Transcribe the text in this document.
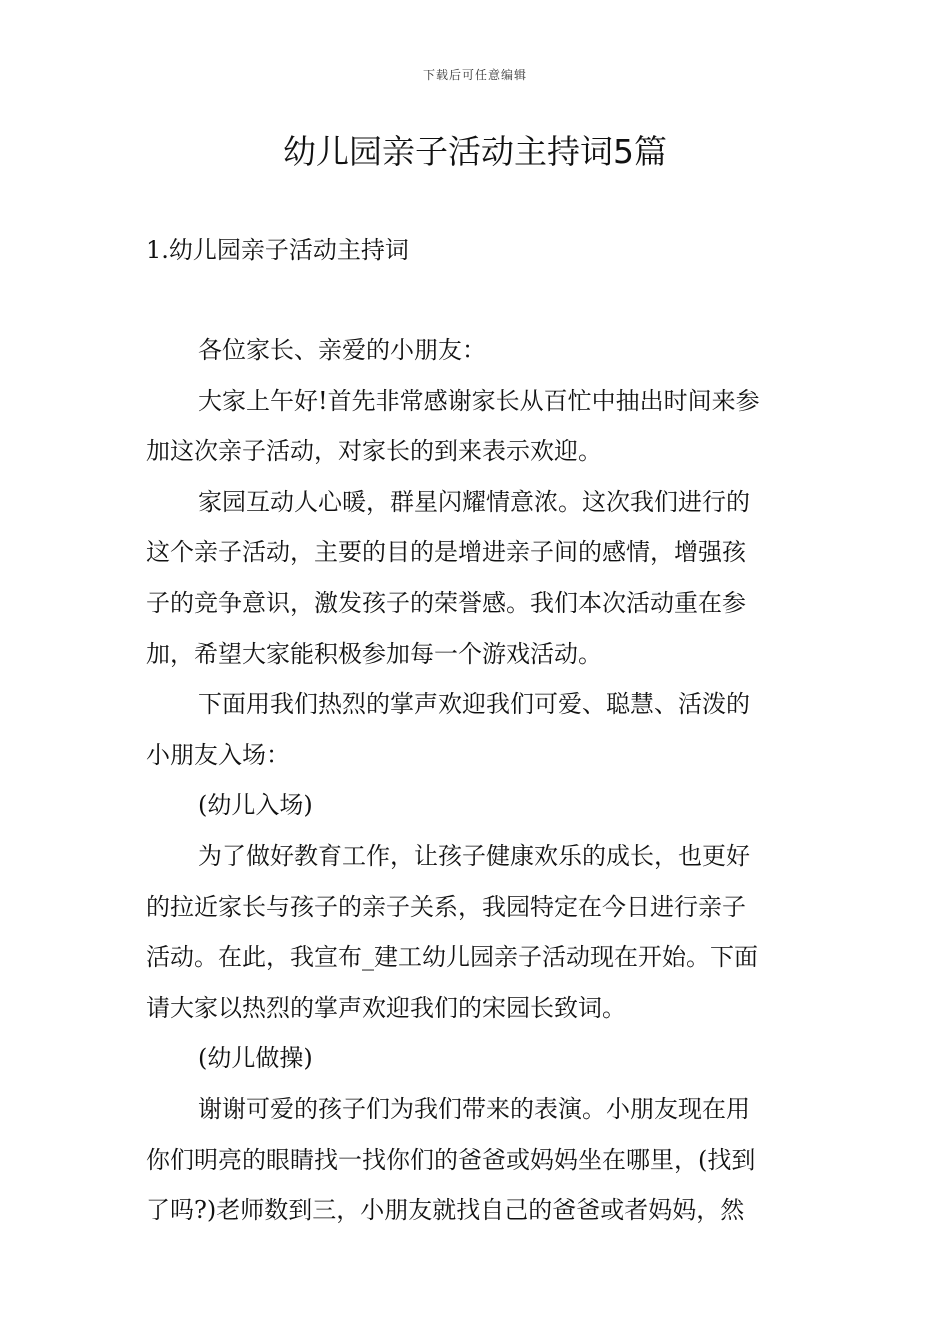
下载后可任意编辑
幼儿园亲子活动主持词5篇
1.幼儿园亲子活动主持词

各位家长、亲爱的小朋友：

大家上午好!首先非常感谢家长从百忙中抽出时间来参
加这次亲子活动，对家长的到来表示欢迎。

家园互动人心暖，群星闪耀情意浓。这次我们进行的
这个亲子活动，主要的目的是增进亲子间的感情，增强孩
子的竞争意识，激发孩子的荣誉感。我们本次活动重在参
加，希望大家能积极参加每一个游戏活动。

下面用我们热烈的掌声欢迎我们可爱、聪慧、活泼的
小朋友入场：

(幼儿入场)

为了做好教育工作，让孩子健康欢乐的成长，也更好
的拉近家长与孩子的亲子关系，我园特定在今日进行亲子
活动。在此，我宣布_建工幼儿园亲子活动现在开始。下面
请大家以热烈的掌声欢迎我们的宋园长致词。

(幼儿做操)

谢谢可爱的孩子们为我们带来的表演。小朋友现在用
你们明亮的眼睛找一找你们的爸爸或妈妈坐在哪里，(找到
了吗?)老师数到三，小朋友就找自己的爸爸或者妈妈，然
